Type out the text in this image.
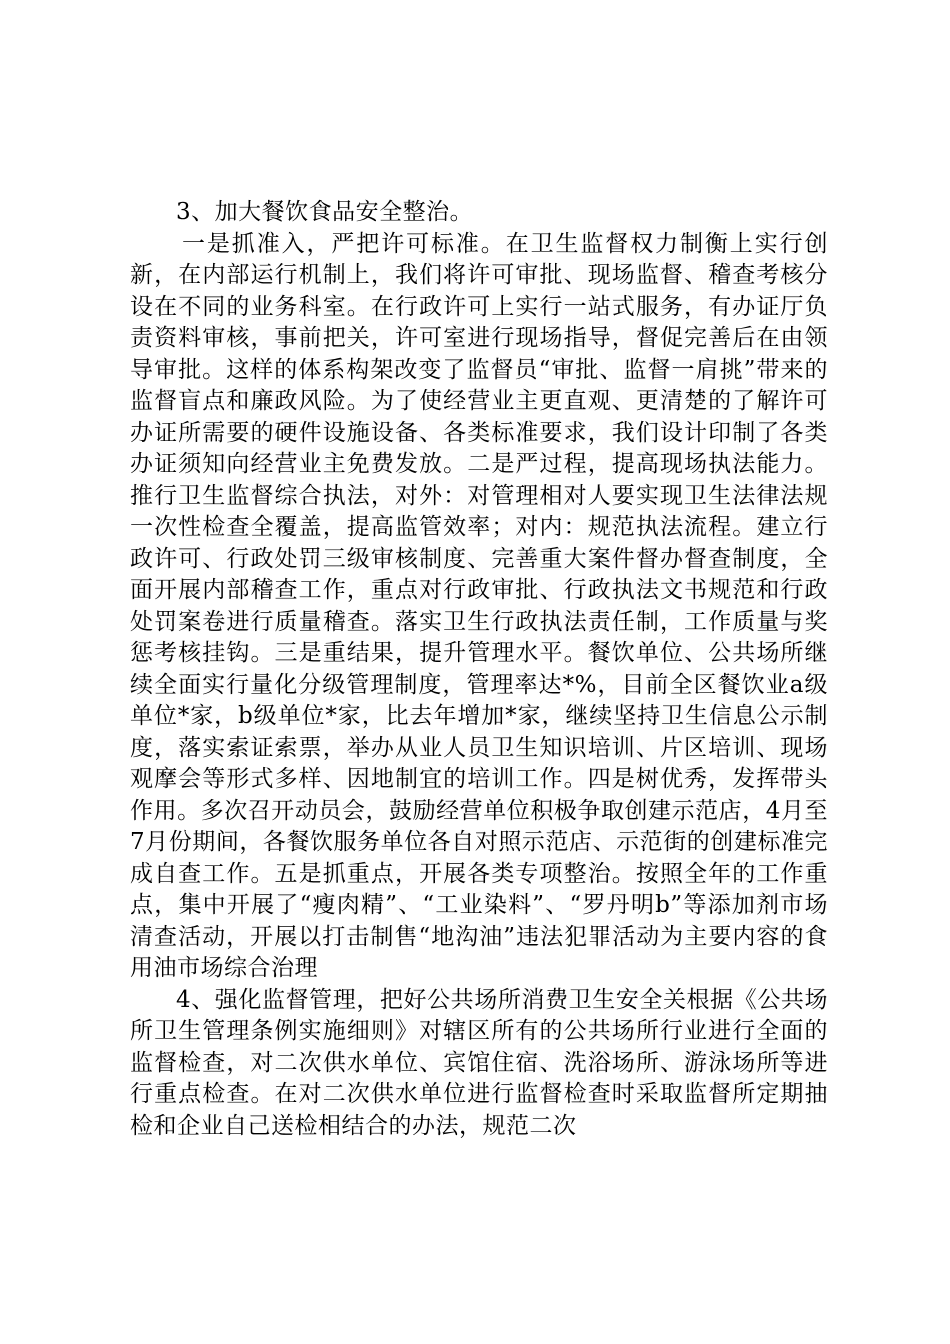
3、加大餐饮食品安全整治。

一是抓准入，严把许可标准。在卫生监督权力制衡上实行创新，在内部运行机制上，我们将许可审批、现场监督、稽查考核分设在不同的业务科室。在行政许可上实行一站式服务，有办证厅负责资料审核，事前把关，许可室进行现场指导，督促完善后在由领导审批。这样的体系构架改变了监督员“审批、监督一肩挑”带来的监督盲点和廉政风险。为了使经营业主更直观、更清楚的了解许可办证所需要的硬件设施设备、各类标准要求，我们设计印制了各类办证须知向经营业主免费发放。二是严过程，提高现场执法能力。推行卫生监督综合执法，对外：对管理相对人要实现卫生法律法规一次性检查全覆盖，提高监管效率；对内：规范执法流程。建立行政许可、行政处罚三级审核制度、完善重大案件督办督查制度，全面开展内部稽查工作，重点对行政审批、行政执法文书规范和行政处罚案卷进行质量稽查。落实卫生行政执法责任制，工作质量与奖惩考核挂钩。三是重结果，提升管理水平。餐饮单位、公共场所继续全面实行量化分级管理制度，管理率达*%，目前全区餐饮业a级单位*家，b级单位*家，比去年增加*家，继续坚持卫生信息公示制度，落实索证索票，举办从业人员卫生知识培训、片区培训、现场观摩会等形式多样、因地制宜的培训工作。四是树优秀，发挥带头作用。多次召开动员会，鼓励经营单位积极争取创建示范店，4月至7月份期间，各餐饮服务单位各自对照示范店、示范街的创建标准完成自查工作。五是抓重点，开展各类专项整治。按照全年的工作重点，集中开展了“瘦肉精”、“工业染料”、“罗丹明b”等添加剂市场清查活动，开展以打击制售“地沟油”违法犯罪活动为主要内容的食用油市场综合治理

4、强化监督管理，把好公共场所消费卫生安全关根据《公共场所卫生管理条例实施细则》对辖区所有的公共场所行业进行全面的监督检查，对二次供水单位、宾馆住宿、洗浴场所、游泳场所等进行重点检查。在对二次供水单位进行监督检查时采取监督所定期抽检和企业自己送检相结合的办法，规范二次
